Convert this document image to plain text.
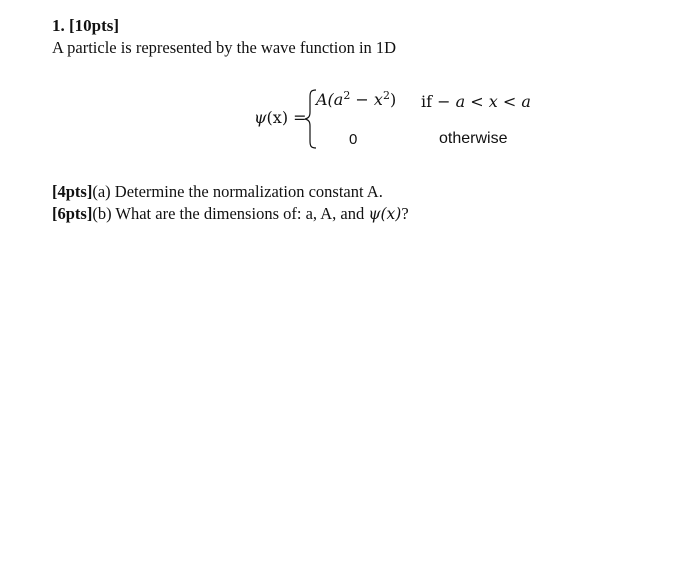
1. [10pts]
A particle is represented by the wave function in 1D
ψ(x) =
$A(a^2 - x^2)$ if − a < x < a
0	otherwise
[4pts](a) Determine the normalization constant A.
[6pts](b) What are the dimensions of: a, A, and ψ(x)?
